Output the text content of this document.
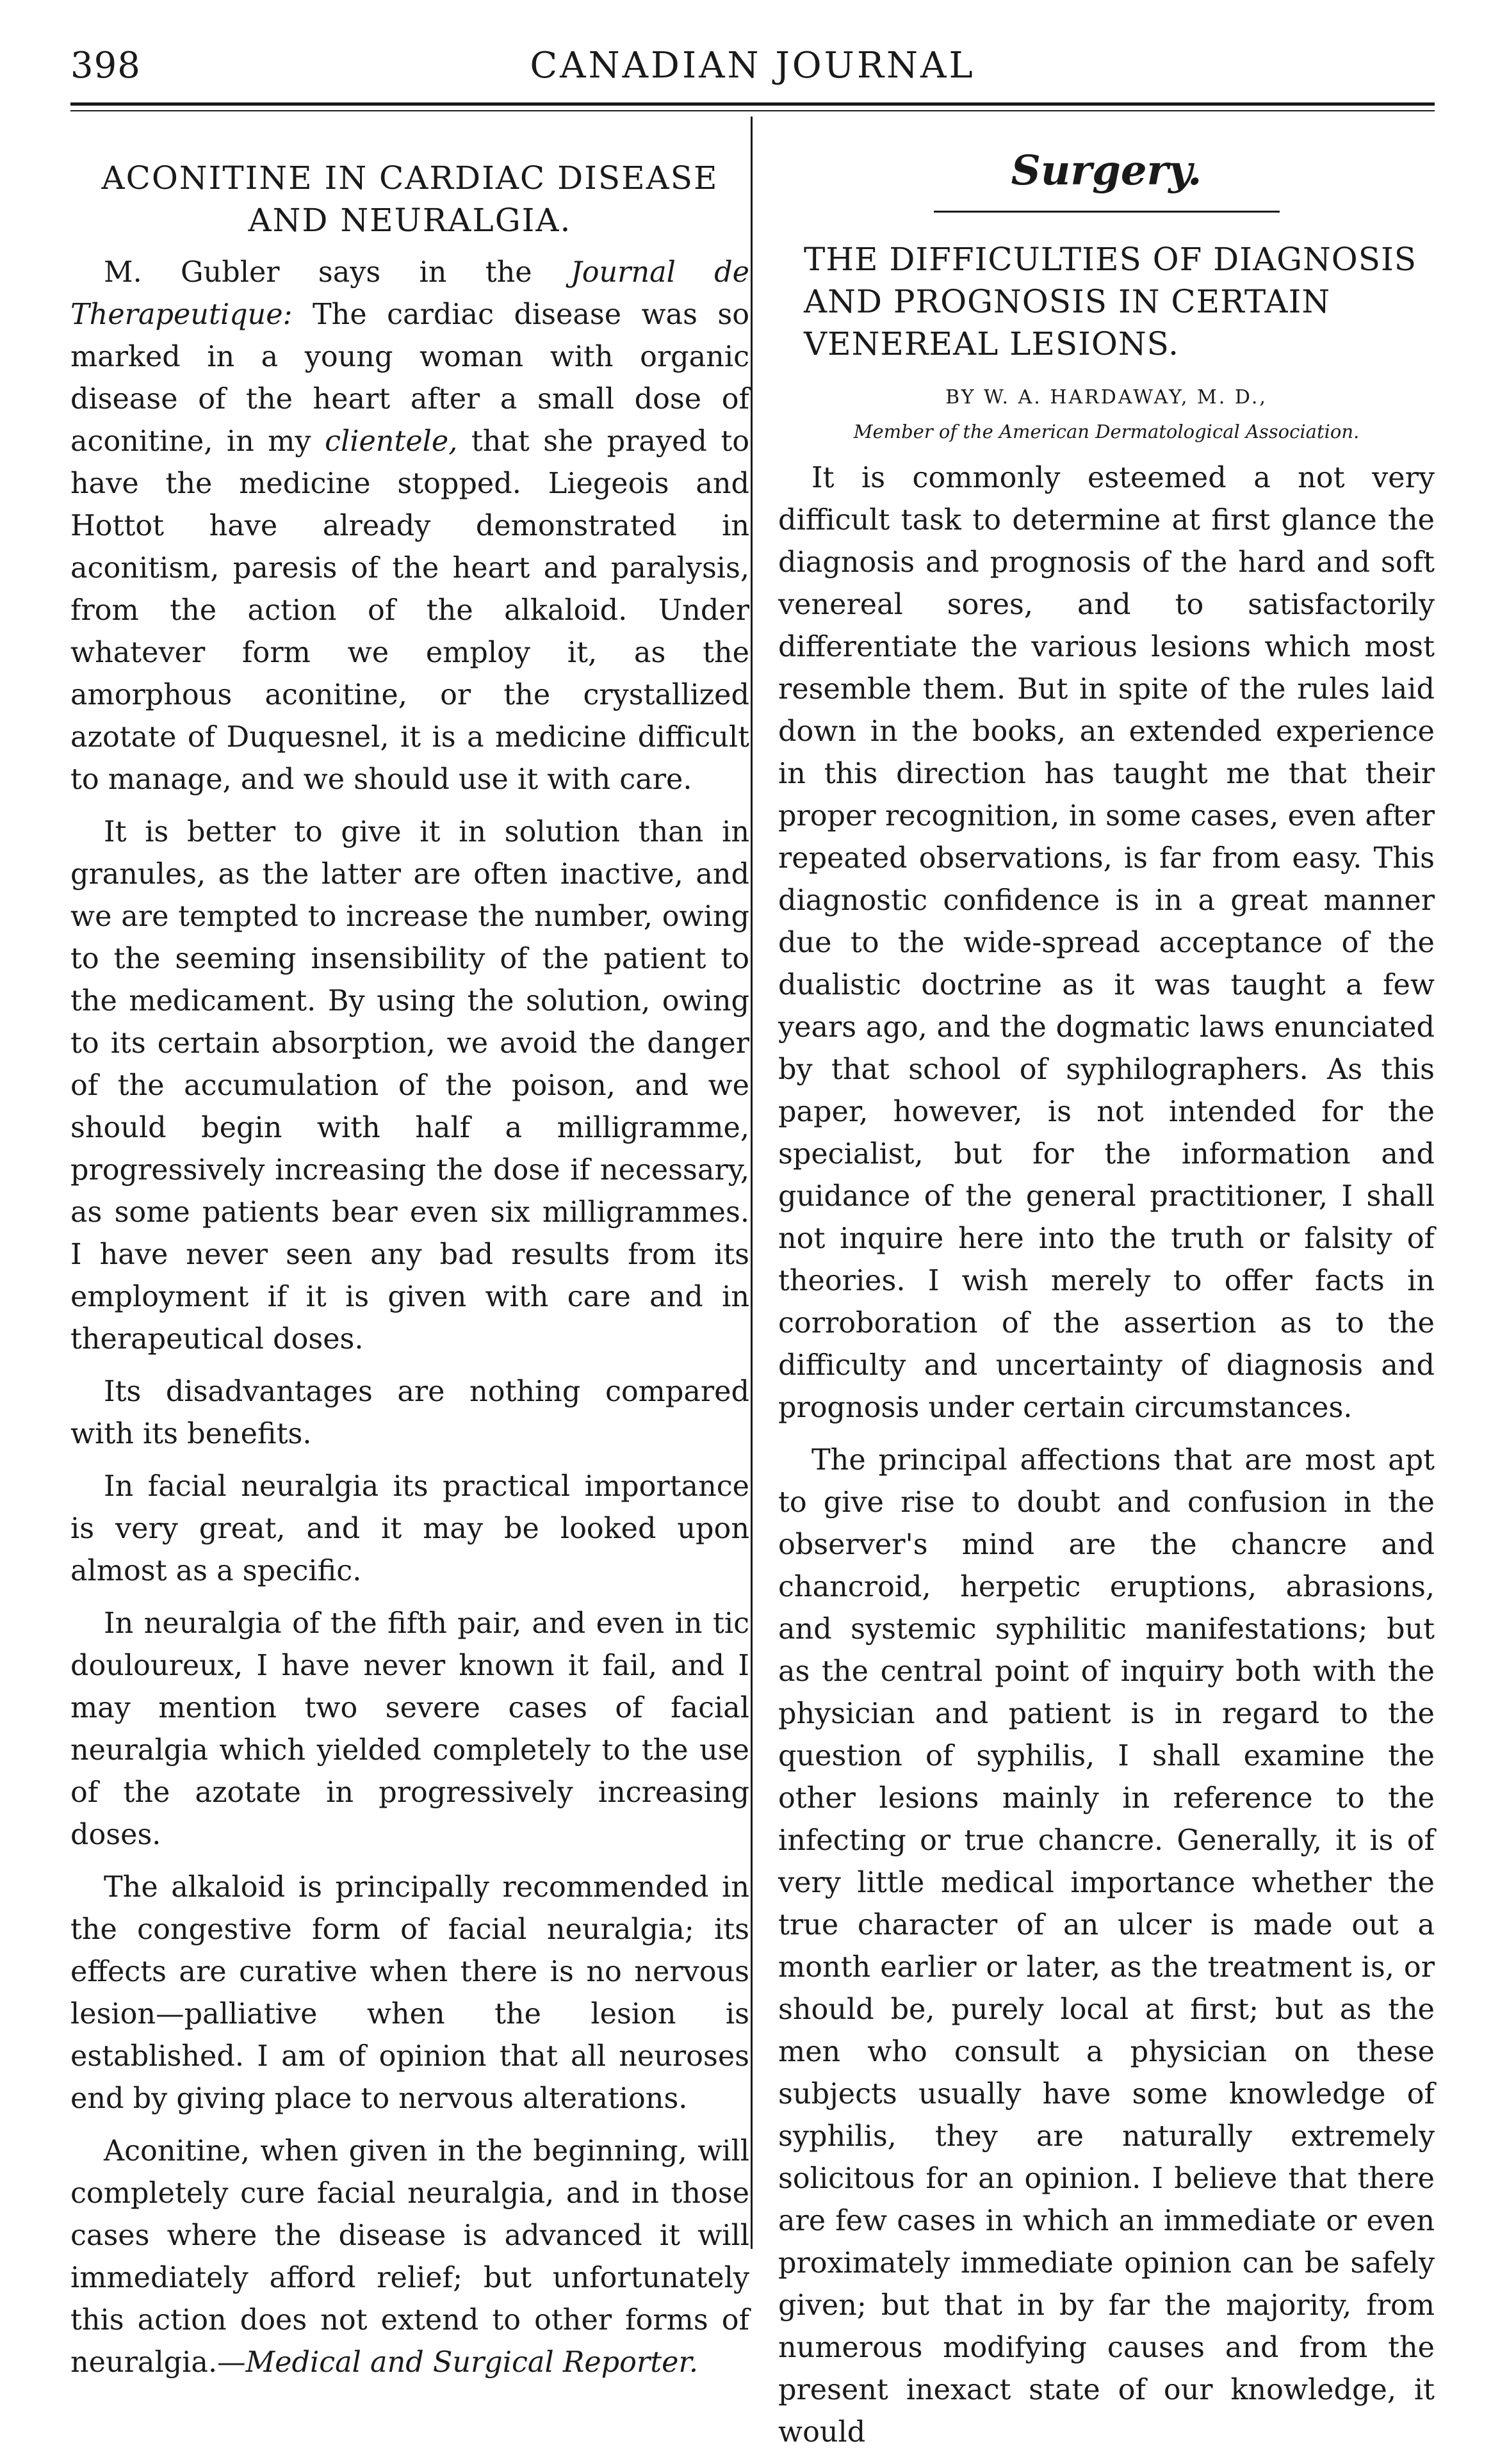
398	CANADIAN JOURNAL
ACONITINE IN CARDIAC DISEASE AND NEURALGIA.

M. Gubler says in the Journal de Therapeutique: The cardiac disease was so marked in a young woman with organic disease of the heart after a small dose of aconitine, in my clientele, that she prayed to have the medicine stopped. Liegeois and Hottot have already demonstrated in aconitism, paresis of the heart and paralysis, from the action of the alkaloid. Under whatever form we employ it, as the amorphous aconitine, or the crystallized azotate of Duquesnel, it is a medicine difficult to manage, and we should use it with care.

It is better to give it in solution than in granules, as the latter are often inactive, and we are tempted to increase the number, owing to the seeming insensibility of the patient to the medicament. By using the solution, owing to its certain absorption, we avoid the danger of the accumulation of the poison, and we should begin with half a milligramme, progressively increasing the dose if necessary, as some patients bear even six milligrammes. I have never seen any bad results from its employment if it is given with care and in therapeutical doses.

Its disadvantages are nothing compared with its benefits.

In facial neuralgia its practical importance is very great, and it may be looked upon almost as a specific.

In neuralgia of the fifth pair, and even in tic douloureux, I have never known it fail, and I may mention two severe cases of facial neuralgia which yielded completely to the use of the azotate in progressively increasing doses.

The alkaloid is principally recommended in the congestive form of facial neuralgia; its effects are curative when there is no nervous lesion—palliative when the lesion is established. I am of opinion that all neuroses end by giving place to nervous alterations.

Aconitine, when given in the beginning, will completely cure facial neuralgia, and in those cases where the disease is advanced it will immediately afford relief; but unfortunately this action does not extend to other forms of neuralgia.—Medical and Surgical Reporter.

Surgery.
THE DIFFICULTIES OF DIAGNOSIS AND PROGNOSIS IN CERTAIN VENEREAL LESIONS.
BY W. A. HARDAWAY, M. D.,
Member of the American Dermatological Association.

It is commonly esteemed a not very difficult task to determine at first glance the diagnosis and prognosis of the hard and soft venereal sores, and to satisfactorily differentiate the various lesions which most resemble them. But in spite of the rules laid down in the books, an extended experience in this direction has taught me that their proper recognition, in some cases, even after repeated observations, is far from easy. This diagnostic confidence is in a great manner due to the wide-spread acceptance of the dualistic doctrine as it was taught a few years ago, and the dogmatic laws enunciated by that school of syphilographers. As this paper, however, is not intended for the specialist, but for the information and guidance of the general practitioner, I shall not inquire here into the truth or falsity of theories. I wish merely to offer facts in corroboration of the assertion as to the difficulty and uncertainty of diagnosis and prognosis under certain circumstances.

The principal affections that are most apt to give rise to doubt and confusion in the observer's mind are the chancre and chancroid, herpetic eruptions, abrasions, and systemic syphilitic manifestations; but as the central point of inquiry both with the physician and patient is in regard to the question of syphilis, I shall examine the other lesions mainly in reference to the infecting or true chancre. Generally, it is of very little medical importance whether the true character of an ulcer is made out a month earlier or later, as the treatment is, or should be, purely local at first; but as the men who consult a physician on these subjects usually have some knowledge of syphilis, they are naturally extremely solicitous for an opinion. I believe that there are few cases in which an immediate or even proximately immediate opinion can be safely given; but that in by far the majority, from numerous modifying causes and from the present inexact state of our knowledge, it would
